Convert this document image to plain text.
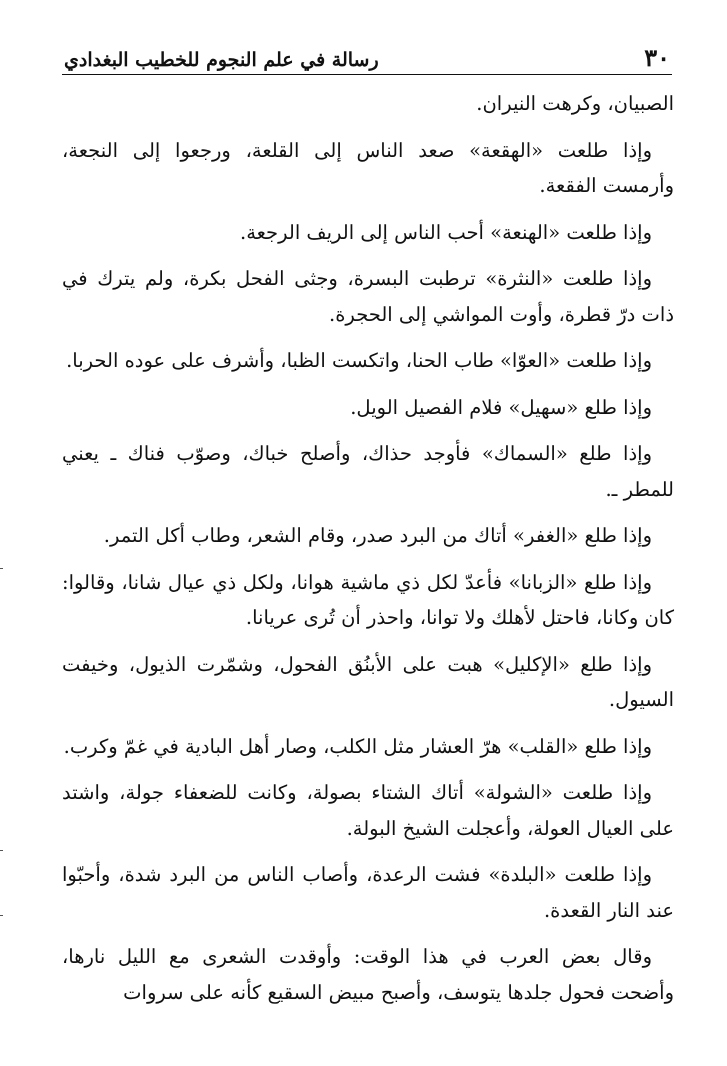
٣٠
رسالة في علم النجوم للخطيب البغدادي

الصبيان، وكرهت النيران.

وإذا طلعت «الهقعة» صعد الناس إلى القلعة، ورجعوا إلى النجعة، وأرمست الفقعة.

وإذا طلعت «الهنعة» أحب الناس إلى الريف الرجعة.

وإذا طلعت «النثرة» ترطبت البسرة، وجثى الفحل بكرة، ولم يترك في ذات درّ قطرة، وأوت المواشي إلى الحجرة.

وإذا طلعت «العوّا» طاب الحنا، واتكست الظبا، وأشرف على عوده الحربا.

وإذا طلع «سهيل» فلام الفصيل الويل.

وإذا طلع «السماك» فأوجد حذاك، وأصلح خباك، وصوّب فناك ـ يعني للمطر ـ.

وإذا طلع «الغفر» أتاك من البرد صدر، وقام الشعر، وطاب أكل التمر.

وإذا طلع «الزبانا» فأعدّ لكل ذي ماشية هوانا، ولكل ذي عيال شانا، وقالوا: كان وكانا، فاحتل لأهلك ولا توانا، واحذر أن تُرى عريانا.

وإذا طلع «الإكليل» هبت على الأبنُق الفحول، وشمّرت الذيول، وخيفت السيول.

وإذا طلع «القلب» هرّ العشار مثل الكلب، وصار أهل البادية في غمّ وكرب.

وإذا طلعت «الشولة» أتاك الشتاء بصولة، وكانت للضعفاء جولة، واشتد على العيال العولة، وأعجلت الشيخ البولة.

وإذا طلعت «البلدة» فشت الرعدة، وأصاب الناس من البرد شدة، وأحبّوا عند النار القعدة.

وقال بعض العرب في هذا الوقت: وأوقدت الشعرى مع الليل نارها، وأضحت فحول جلدها يتوسف، وأصبح مبيض السقيع كأنه على سروات
